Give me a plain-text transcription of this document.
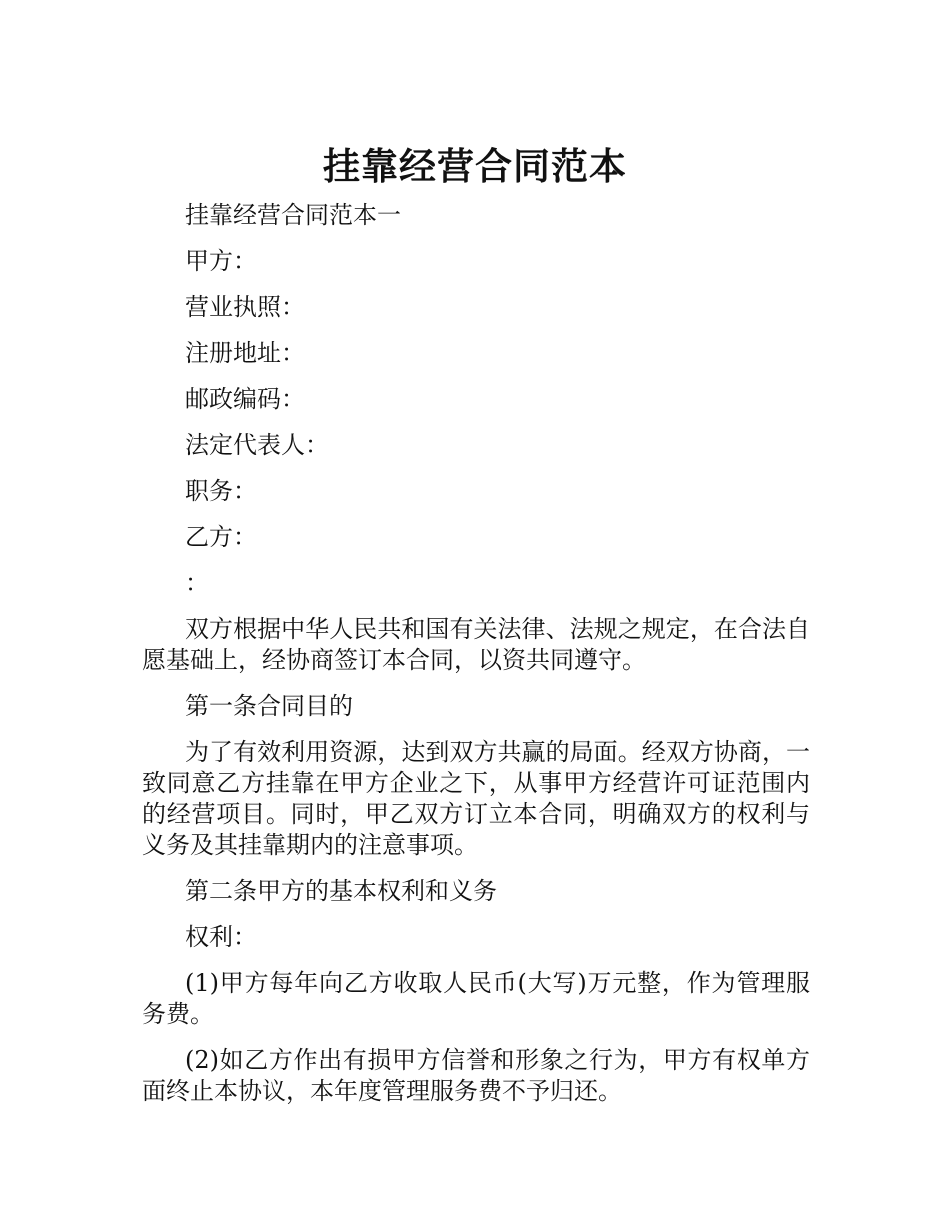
挂靠经营合同范本

挂靠经营合同范本一

甲方：

营业执照：

注册地址：

邮政编码：

法定代表人：

职务：

乙方：

：

双方根据中华人民共和国有关法律、法规之规定，在合法自愿基础上，经协商签订本合同，以资共同遵守。

第一条合同目的

为了有效利用资源，达到双方共赢的局面。经双方协商，一致同意乙方挂靠在甲方企业之下，从事甲方经营许可证范围内的经营项目。同时，甲乙双方订立本合同，明确双方的权利与义务及其挂靠期内的注意事项。

第二条甲方的基本权利和义务

权利：

(1)甲方每年向乙方收取人民币(大写)万元整，作为管理服务费。

(2)如乙方作出有损甲方信誉和形象之行为，甲方有权单方面终止本协议，本年度管理服务费不予归还。
